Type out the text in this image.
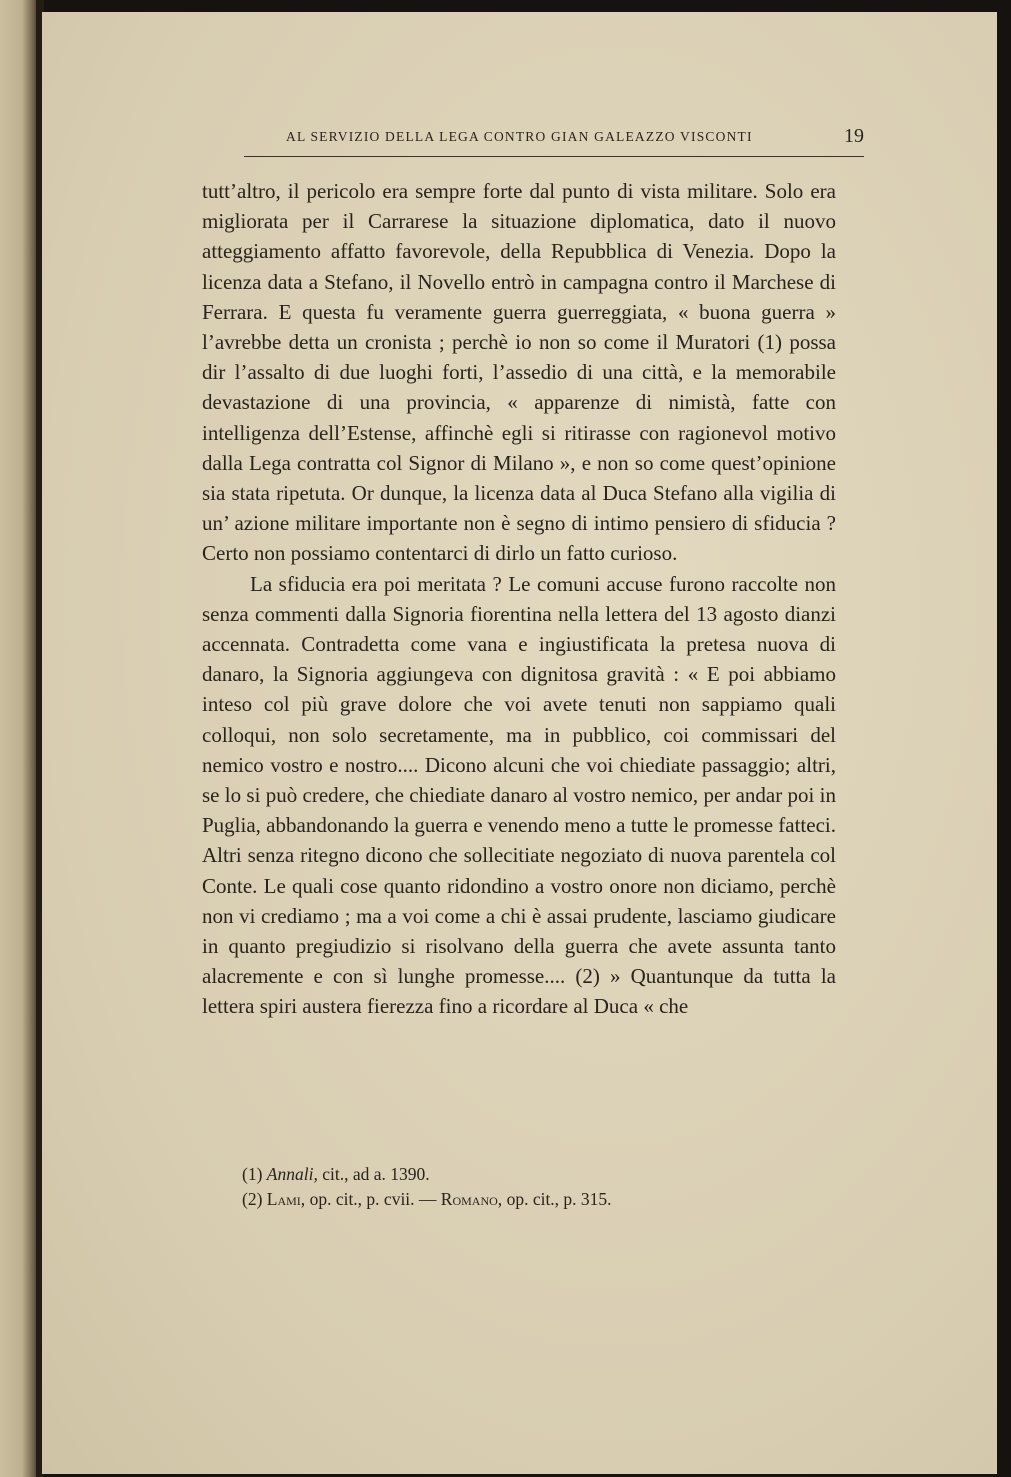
AL SERVIZIO DELLA LEGA CONTRO GIAN GALEAZZO VISCONTI	19

tutt’altro, il pericolo era sempre forte dal punto di vista militare. Solo era migliorata per il Carrarese la situazione diplomatica, dato il nuovo atteggiamento affatto favorevole, della Repubblica di Venezia. Dopo la licenza data a Stefano, il Novello entrò in campagna contro il Marchese di Ferrara. E questa fu veramente guerra guerreggiata, « buona guerra » l’avrebbe detta un cronista ; perchè io non so come il Muratori (1) possa dir l’assalto di due luoghi forti, l’assedio di una città, e la memorabile devastazione di una provincia, « apparenze di nimistà, fatte con intelligenza dell’Estense, affinchè egli si ritirasse con ragionevol motivo dalla Lega contratta col Signor di Milano », e non so come quest’opinione sia stata ripetuta. Or dunque, la licenza data al Duca Stefano alla vigilia di un’ azione militare importante non è segno di intimo pensiero di sfiducia ? Certo non possiamo contentarci di dirlo un fatto curioso.

La sfiducia era poi meritata ? Le comuni accuse furono raccolte non senza commenti dalla Signoria fiorentina nella lettera del 13 agosto dianzi accennata. Contradetta come vana e ingiustificata la pretesa nuova di danaro, la Signoria aggiungeva con dignitosa gravità : « E poi abbiamo inteso col più grave dolore che voi avete tenuti non sappiamo quali colloqui, non solo secretamente, ma in pubblico, coi commissari del nemico vostro e nostro.... Dicono alcuni che voi chiediate passaggio; altri, se lo si può credere, che chiediate danaro al vostro nemico, per andar poi in Puglia, abbandonando la guerra e venendo meno a tutte le promesse fatteci. Altri senza ritegno dicono che sollecitiate negoziato di nuova parentela col Conte. Le quali cose quanto ridondino a vostro onore non diciamo, perchè non vi crediamo ; ma a voi come a chi è assai prudente, lasciamo giudicare in quanto pregiudizio si risolvano della guerra che avete assunta tanto alacremente e con sì lunghe promesse.... (2) » Quantunque da tutta la lettera spiri austera fierezza fino a ricordare al Duca « che

(1) Annali, cit., ad a. 1390.
(2) Lami, op. cit., p. cvii. — Romano, op. cit., p. 315.
